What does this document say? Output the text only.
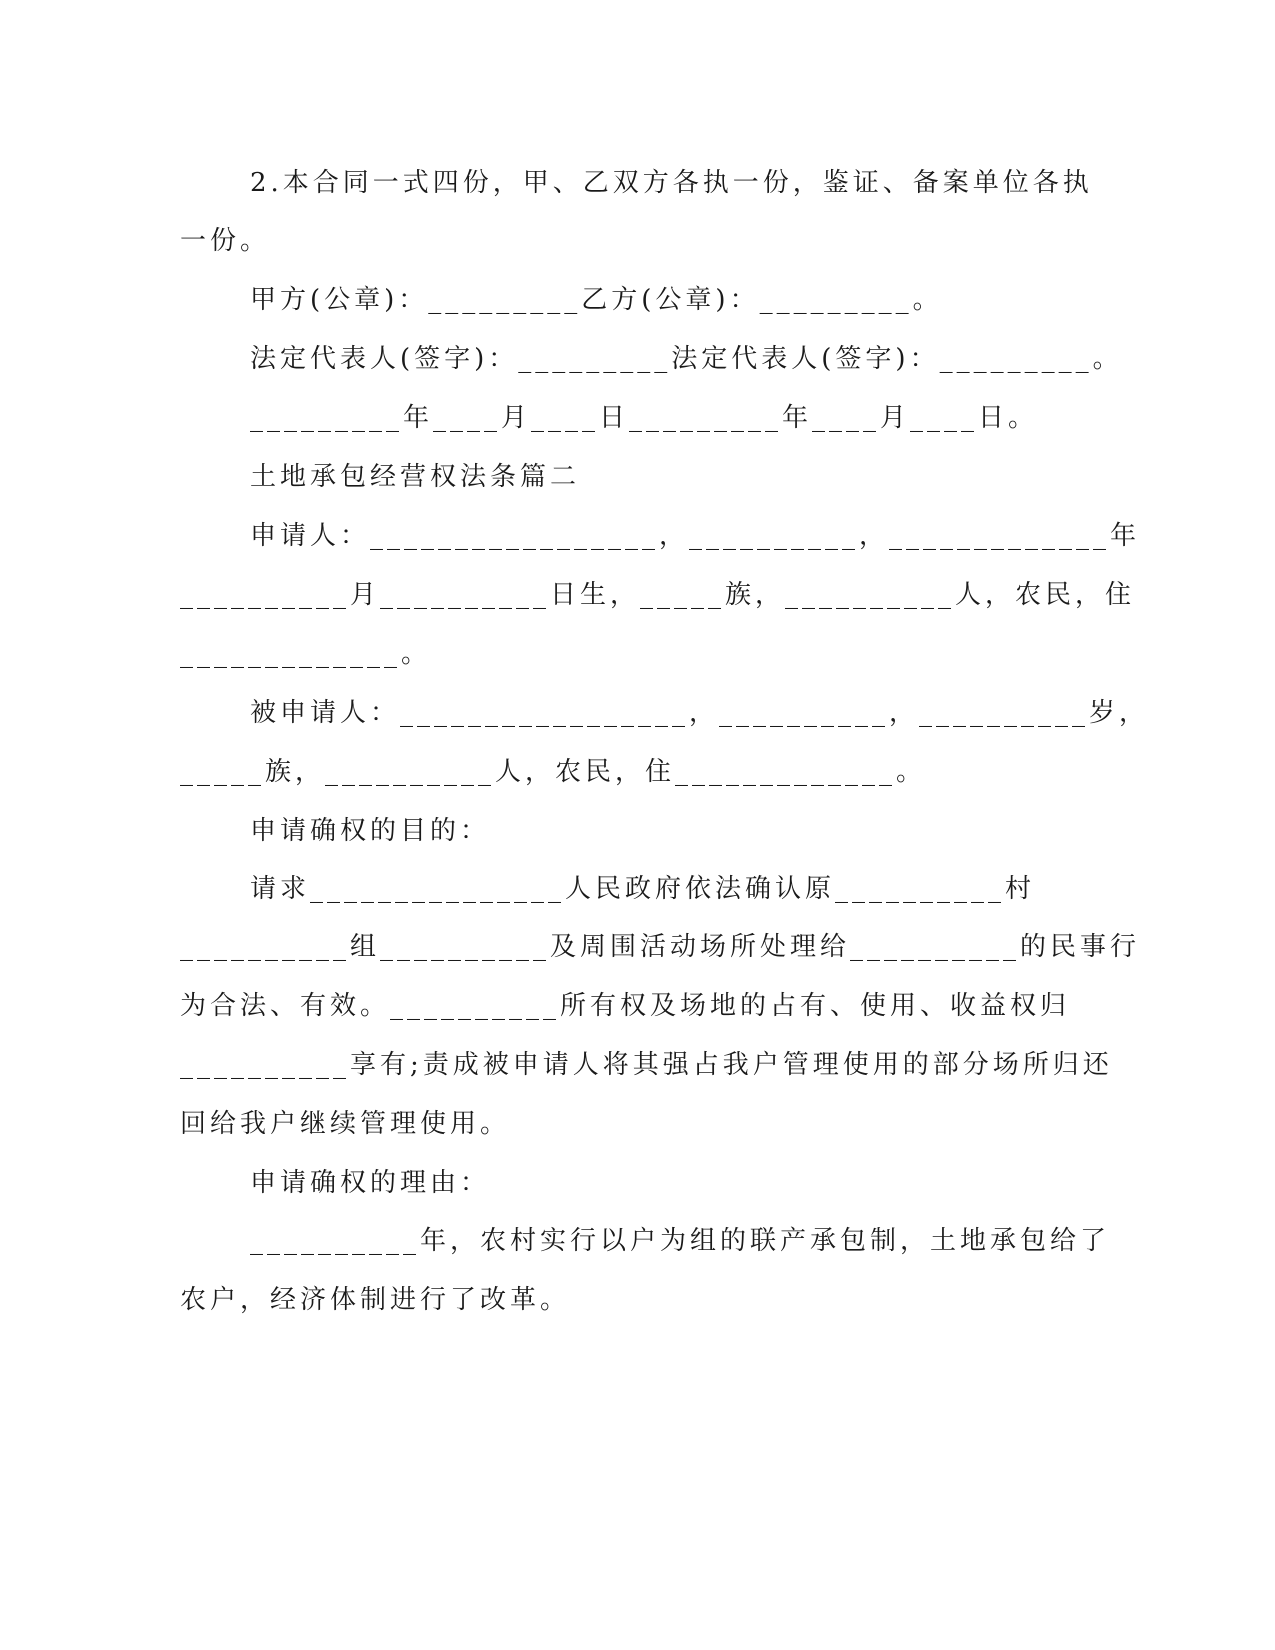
2.本合同一式四份，甲、乙双方各执一份，鉴证、备案单位各执
一份。
甲方(公章)：_________乙方(公章)：_________。
法定代表人(签字)：_________法定代表人(签字)：_________。
_________年____月____日_________年____月____日。
土地承包经营权法条篇二
申请人：_________________，__________，_____________年
__________月__________日生，_____族，__________人，农民，住
_____________。
被申请人：_________________，__________，__________岁，
_____族，__________人，农民，住_____________。
申请确权的目的：
请求_______________人民政府依法确认原__________村
__________组__________及周围活动场所处理给__________的民事行
为合法、有效。__________所有权及场地的占有、使用、收益权归
__________享有;责成被申请人将其强占我户管理使用的部分场所归还
回给我户继续管理使用。
申请确权的理由：
__________年，农村实行以户为组的联产承包制，土地承包给了
农户，经济体制进行了改革。
